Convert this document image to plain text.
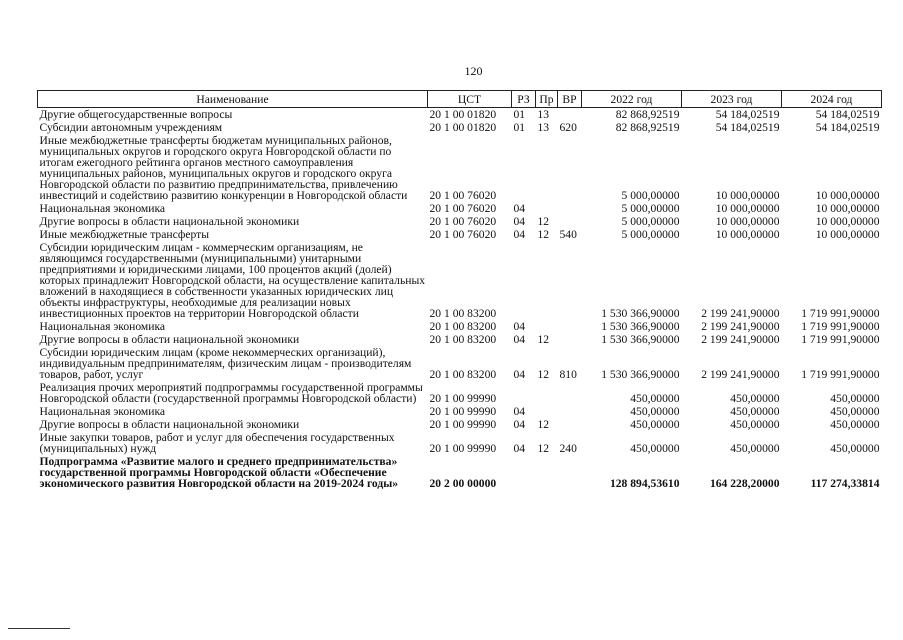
120
Наименование	ЦСТ	РЗ	Пр	ВР	2022 год	2023 год	2024 год
Другие общегосударственные вопросы	20 1 00 01820	01	13		82 868,92519	54 184,02519	54 184,02519
Субсидии автономным учреждениям	20 1 00 01820	01	13	620	82 868,92519	54 184,02519	54 184,02519
Иные межбюджетные трансферты бюджетам муниципальных районов, муниципальных округов и городского округа Новгородской области по итогам ежегодного рейтинга органов местного самоуправления муниципальных районов, муниципальных округов и городского округа Новгородской области по развитию предпринимательства, привлечению инвестиций и содействию развитию конкуренции в Новгородской области	20 1 00 76020				5 000,00000	10 000,00000	10 000,00000
Национальная экономика	20 1 00 76020	04			5 000,00000	10 000,00000	10 000,00000
Другие вопросы в области национальной экономики	20 1 00 76020	04	12		5 000,00000	10 000,00000	10 000,00000
Иные межбюджетные трансферты	20 1 00 76020	04	12	540	5 000,00000	10 000,00000	10 000,00000
Субсидии юридическим лицам - коммерческим организациям, не являющимся государственными (муниципальными) унитарными предприятиями и юридическими лицами, 100 процентов акций (долей) которых принадлежит Новгородской области, на осуществление капитальных вложений в находящиеся в собственности указанных юридических лиц объекты инфраструктуры, необходимые для реализации новых инвестиционных проектов на территории Новгородской области	20 1 00 83200				1 530 366,90000	2 199 241,90000	1 719 991,90000
Национальная экономика	20 1 00 83200	04			1 530 366,90000	2 199 241,90000	1 719 991,90000
Другие вопросы в области национальной экономики	20 1 00 83200	04	12		1 530 366,90000	2 199 241,90000	1 719 991,90000
Субсидии юридическим лицам (кроме некоммерческих организаций), индивидуальным предпринимателям, физическим лицам - производителям товаров, работ, услуг	20 1 00 83200	04	12	810	1 530 366,90000	2 199 241,90000	1 719 991,90000
Реализация прочих мероприятий подпрограммы государственной программы Новгородской области (государственной программы Новгородской области)	20 1 00 99990				450,00000	450,00000	450,00000
Национальная экономика	20 1 00 99990	04			450,00000	450,00000	450,00000
Другие вопросы в области национальной экономики	20 1 00 99990	04	12		450,00000	450,00000	450,00000
Иные закупки товаров, работ и услуг для обеспечения государственных (муниципальных) нужд	20 1 00 99990	04	12	240	450,00000	450,00000	450,00000
Подпрограмма «Развитие малого и среднего предпринимательства» государственной программы Новгородской области «Обеспечение экономического развития Новгородской области на 2019-2024 годы»	20 2 00 00000				128 894,53610	164 228,20000	117 274,33814
